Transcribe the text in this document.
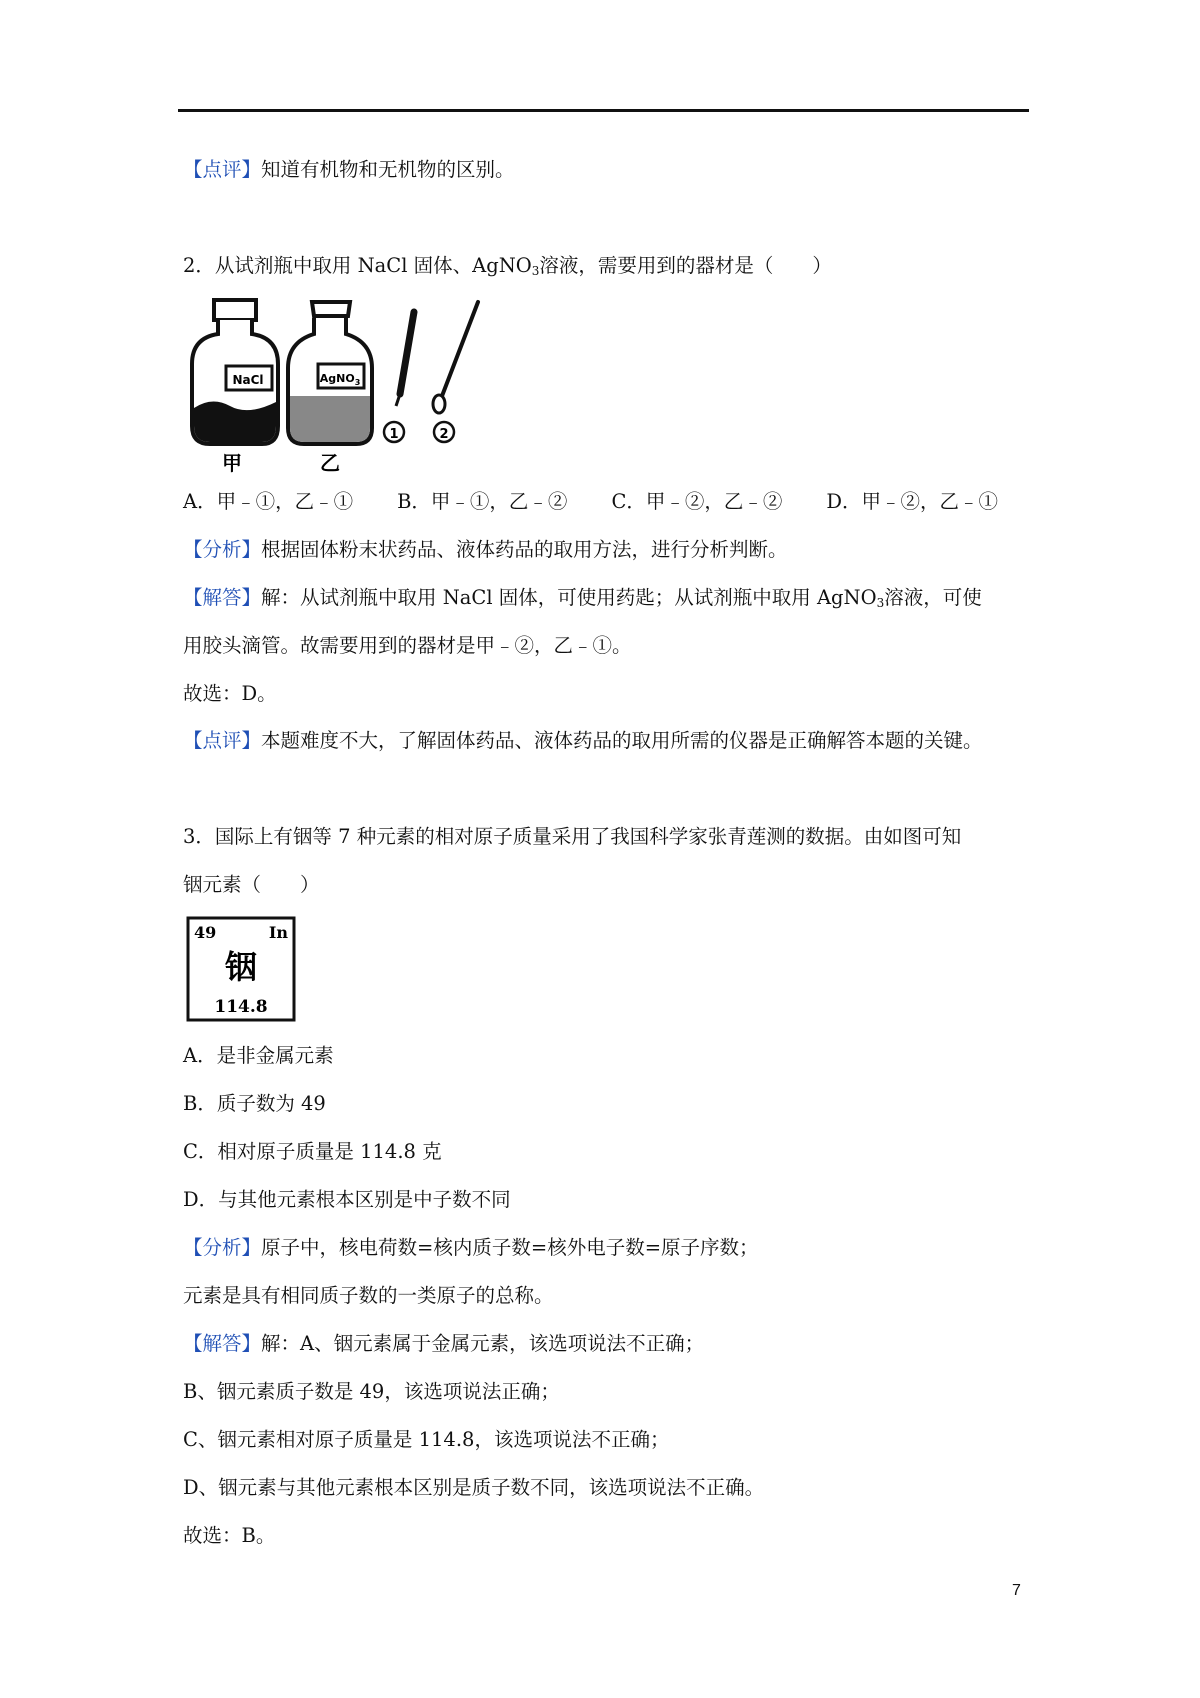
【点评】知道有机物和无机物的区别。
2．从试剂瓶中取用 NaCl 固体、AgNO$_3$溶液，需要用到的器材是（　　）
NaCl
甲
AgNO$_3$
乙
1	2
A．甲﹣①，乙﹣① B．甲﹣①，乙﹣② C．甲﹣②，乙﹣② D．甲﹣②，乙﹣①
【分析】根据固体粉末状药品、液体药品的取用方法，进行分析判断。
【解答】解：从试剂瓶中取用 NaCl 固体，可使用药匙；从试剂瓶中取用 AgNO$_3$溶液，可使
用胶头滴管。故需要用到的器材是甲﹣②，乙﹣①。
故选：D。
【点评】本题难度不大，了解固体药品、液体药品的取用所需的仪器是正确解答本题的关键。
3．国际上有铟等 7 种元素的相对原子质量采用了我国科学家张青莲测的数据。由如图可知
铟元素（　　）
49	In
铟
114.8
A．是非金属元素
B．质子数为 49
C．相对原子质量是 114.8 克
D．与其他元素根本区别是中子数不同
【分析】原子中，核电荷数=核内质子数=核外电子数=原子序数；
元素是具有相同质子数的一类原子的总称。
【解答】解：A、铟元素属于金属元素，该选项说法不正确；
B、铟元素质子数是 49，该选项说法正确；
C、铟元素相对原子质量是 114.8，该选项说法不正确；
D、铟元素与其他元素根本区别是质子数不同，该选项说法不正确。
故选：B。
7
